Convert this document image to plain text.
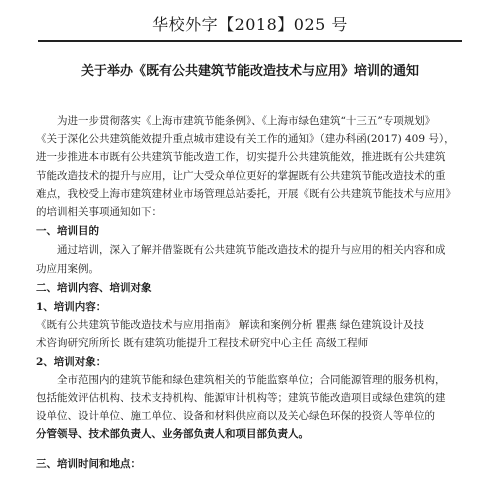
华校外字【2018】025 号
关于举办《既有公共建筑节能改造技术与应用》培训的通知

为进一步贯彻落实《上海市建筑节能条例》、《上海市绿色建筑“十三五”专项规划》

《关于深化公共建筑能效提升重点城市建设有关工作的通知》（建办科函(2017) 409 号），

进一步推进本市既有公共建筑节能改造工作，切实提升公共建筑能效，推进既有公共建筑

节能改造技术的提升与应用，让广大受众单位更好的掌握既有公共建筑节能改造技术的重

难点，我校受上海市建筑建材业市场管理总站委托，开展《既有公共建筑节能技术与应用》

的培训相关事项通知如下：

一、培训目的

通过培训，深入了解并借鉴既有公共建筑节能改造技术的提升与应用的相关内容和成

功应用案例。

二、培训内容、培训对象

1、培训内容：

《既有公共建筑节能改造技术与应用指南》 解读和案例分析 瞿燕 绿色建筑设计及技

术咨询研究所所长 既有建筑功能提升工程技术研究中心主任 高级工程师

2、培训对象：

全市范围内的建筑节能和绿色建筑相关的节能监察单位；合同能源管理的服务机构，

包括能效评估机构、技术支持机构、能源审计机构等；建筑节能改造项目或绿色建筑的建

设单位、设计单位、施工单位、设备和材料供应商以及关心绿色环保的投资人等单位的

分管领导、技术部负责人、业务部负责人和项目部负责人。

三、培训时间和地点：
